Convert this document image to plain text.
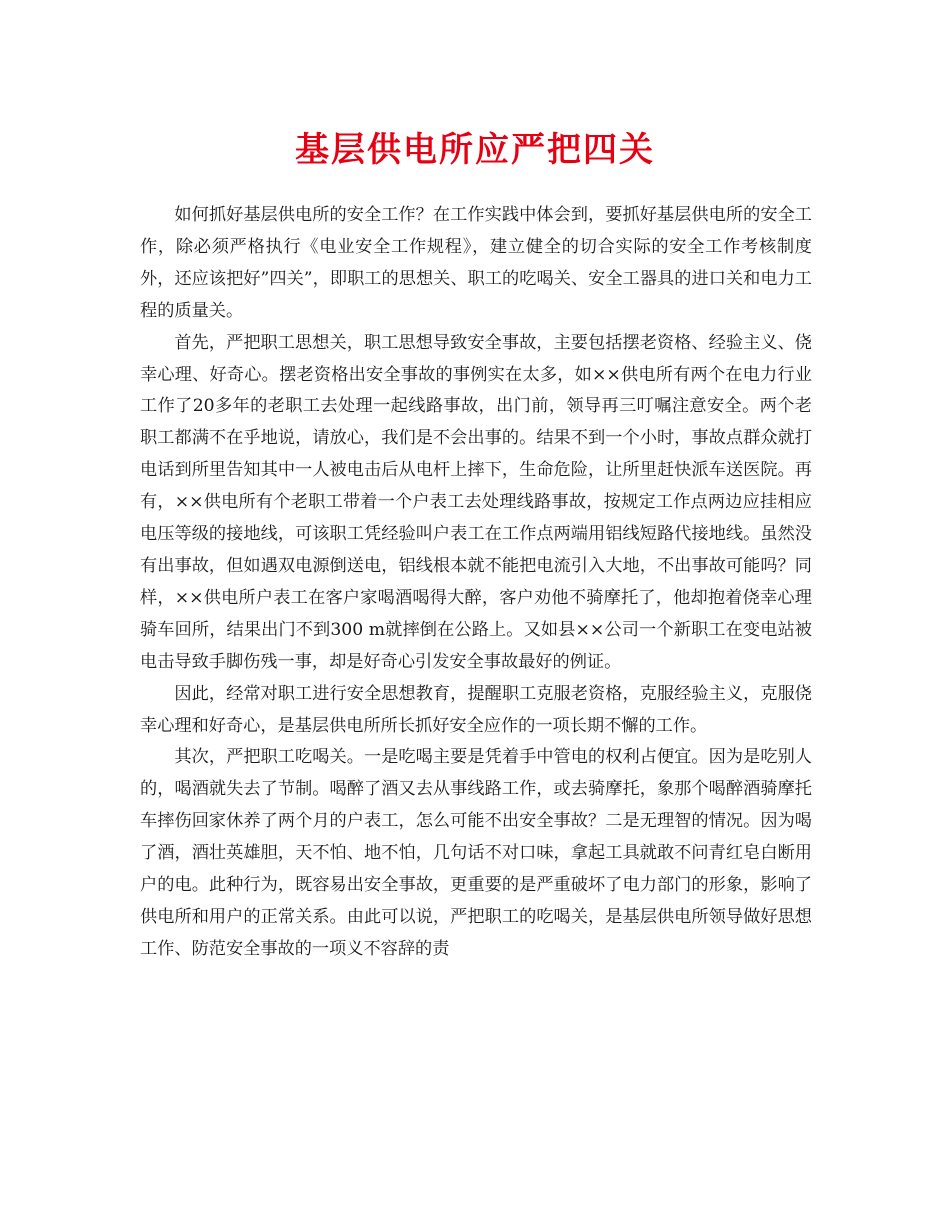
基层供电所应严把四关

如何抓好基层供电所的安全工作？在工作实践中体会到，要抓好基层供电所的安全工作，除必须严格执行《电业安全工作规程》，建立健全的切合实际的安全工作考核制度外，还应该把好”四关”，即职工的思想关、职工的吃喝关、安全工器具的进口关和电力工程的质量关。

首先，严把职工思想关，职工思想导致安全事故，主要包括摆老资格、经验主义、侥幸心理、好奇心。摆老资格出安全事故的事例实在太多，如××供电所有两个在电力行业工作了20多年的老职工去处理一起线路事故，出门前，领导再三叮嘱注意安全。两个老职工都满不在乎地说，请放心，我们是不会出事的。结果不到一个小时，事故点群众就打电话到所里告知其中一人被电击后从电杆上摔下，生命危险，让所里赶快派车送医院。再有，××供电所有个老职工带着一个户表工去处理线路事故，按规定工作点两边应挂相应电压等级的接地线，可该职工凭经验叫户表工在工作点两端用铝线短路代接地线。虽然没有出事故，但如遇双电源倒送电，铝线根本就不能把电流引入大地，不出事故可能吗？同样，××供电所户表工在客户家喝酒喝得大醉，客户劝他不骑摩托了，他却抱着侥幸心理骑车回所，结果出门不到300 m就摔倒在公路上。又如县××公司一个新职工在变电站被电击导致手脚伤残一事，却是好奇心引发安全事故最好的例证。

因此，经常对职工进行安全思想教育，提醒职工克服老资格，克服经验主义，克服侥幸心理和好奇心，是基层供电所所长抓好安全应作的一项长期不懈的工作。

其次，严把职工吃喝关。一是吃喝主要是凭着手中管电的权利占便宜。因为是吃别人的，喝酒就失去了节制。喝醉了酒又去从事线路工作，或去骑摩托，象那个喝醉酒骑摩托车摔伤回家休养了两个月的户表工，怎么可能不出安全事故？二是无理智的情况。因为喝了酒，酒壮英雄胆，天不怕、地不怕，几句话不对口味，拿起工具就敢不问青红皂白断用户的电。此种行为，既容易出安全事故，更重要的是严重破坏了电力部门的形象，影响了供电所和用户的正常关系。由此可以说，严把职工的吃喝关，是基层供电所领导做好思想工作、防范安全事故的一项义不容辞的责
